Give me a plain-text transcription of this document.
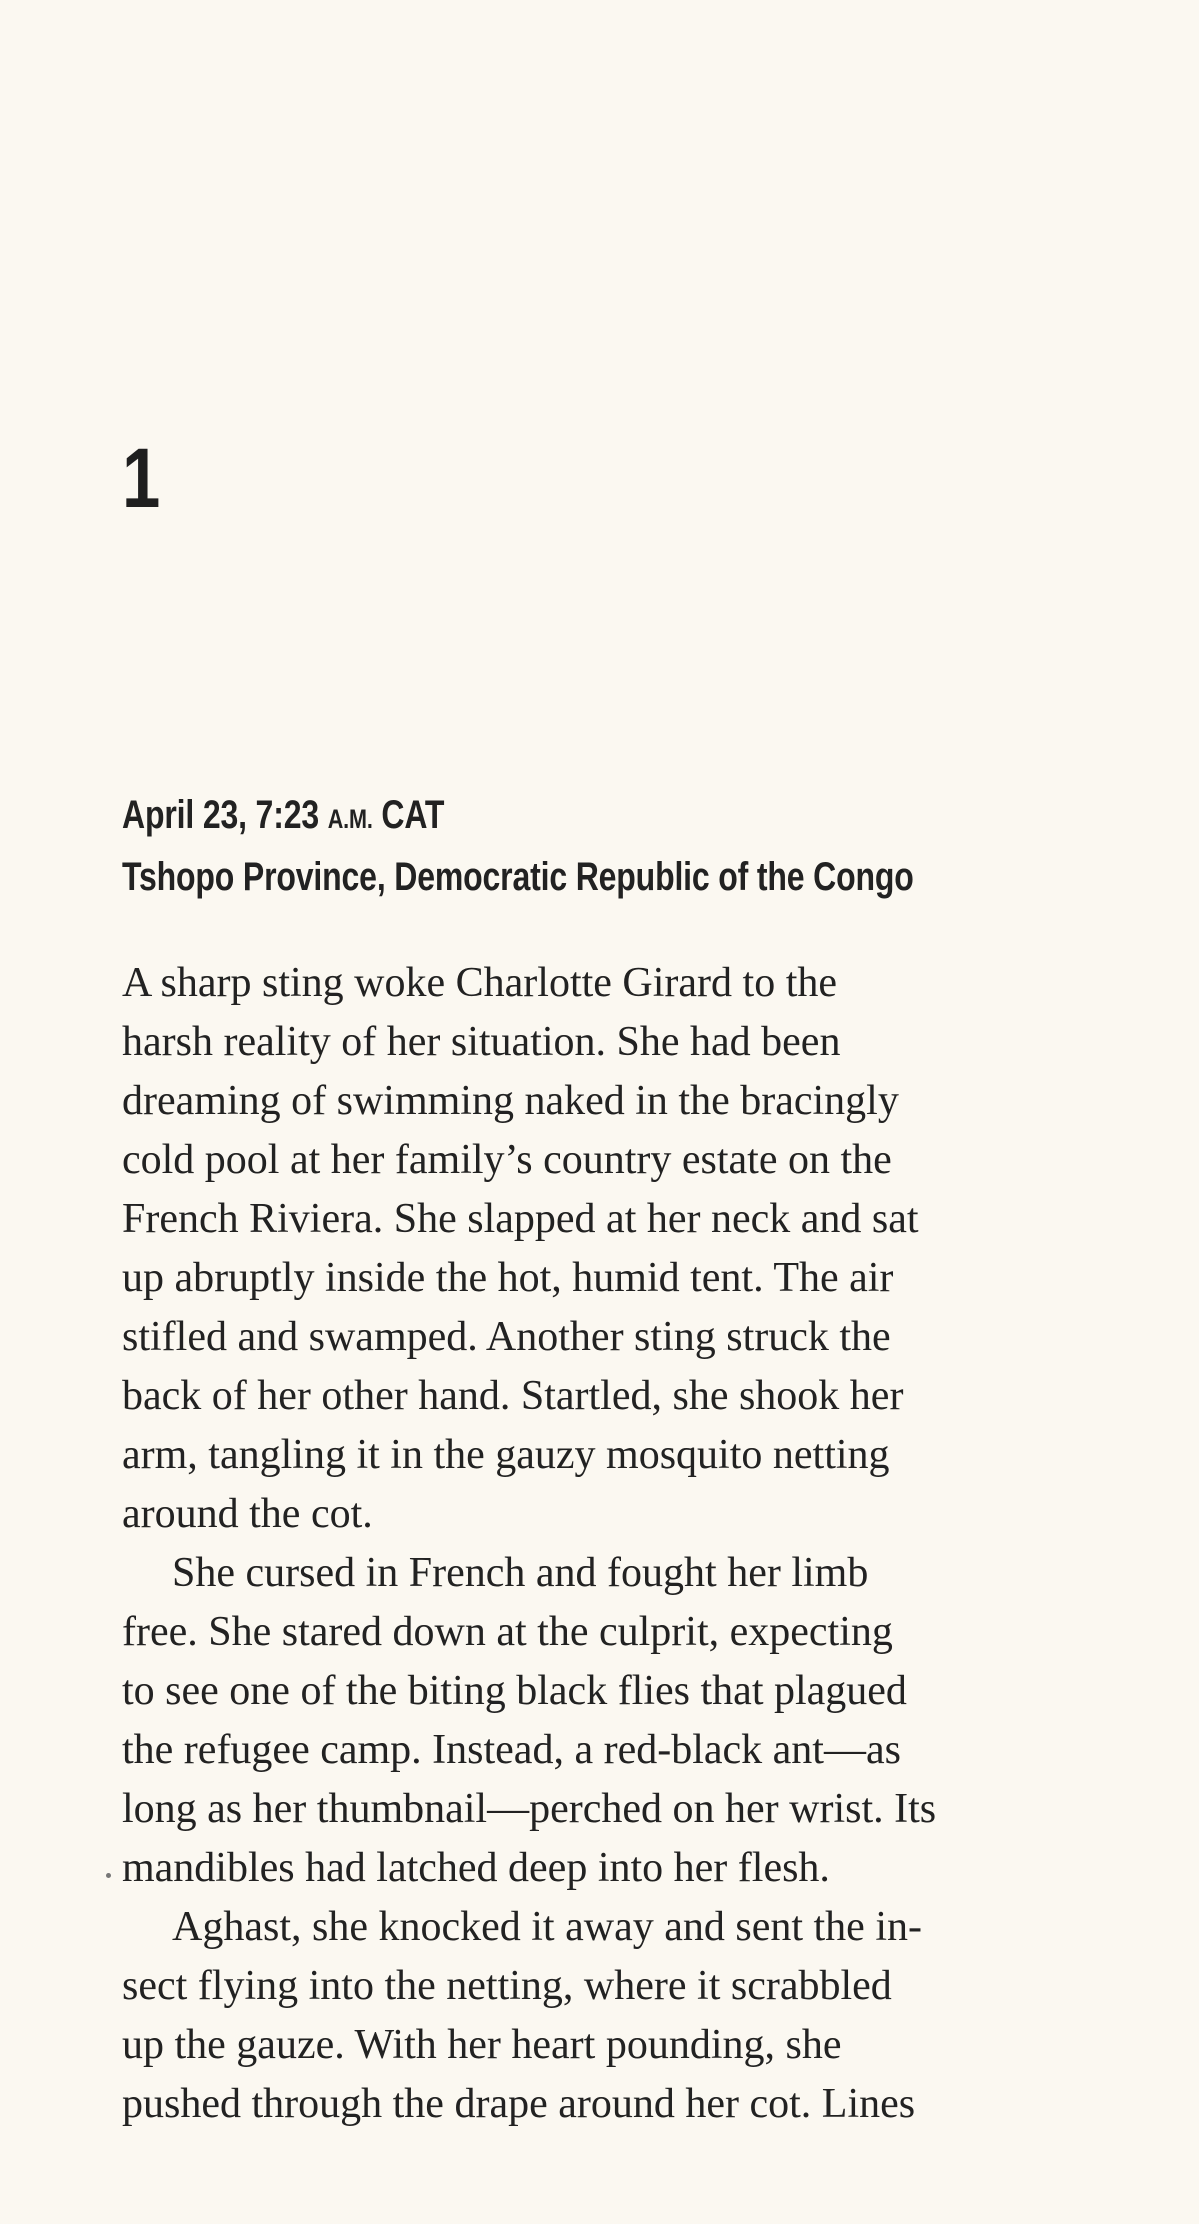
1
April 23, 7:23 A.M. CAT
Tshopo Province, Democratic Republic of the Congo
A sharp sting woke Charlotte Girard to the
harsh reality of her situation. She had been
dreaming of swimming naked in the bracingly
cold pool at her family’s country estate on the
French Riviera. She slapped at her neck and sat
up abruptly inside the hot, humid tent. The air
stifled and swamped. Another sting struck the
back of her other hand. Startled, she shook her
arm, tangling it in the gauzy mosquito netting
around the cot.
She cursed in French and fought her limb
free. She stared down at the culprit, expecting
to see one of the biting black flies that plagued
the refugee camp. Instead, a red-black ant—as
long as her thumbnail—perched on her wrist. Its
mandibles had latched deep into her flesh.
Aghast, she knocked it away and sent the in-
sect flying into the netting, where it scrabbled
up the gauze. With her heart pounding, she
pushed through the drape around her cot. Lines
